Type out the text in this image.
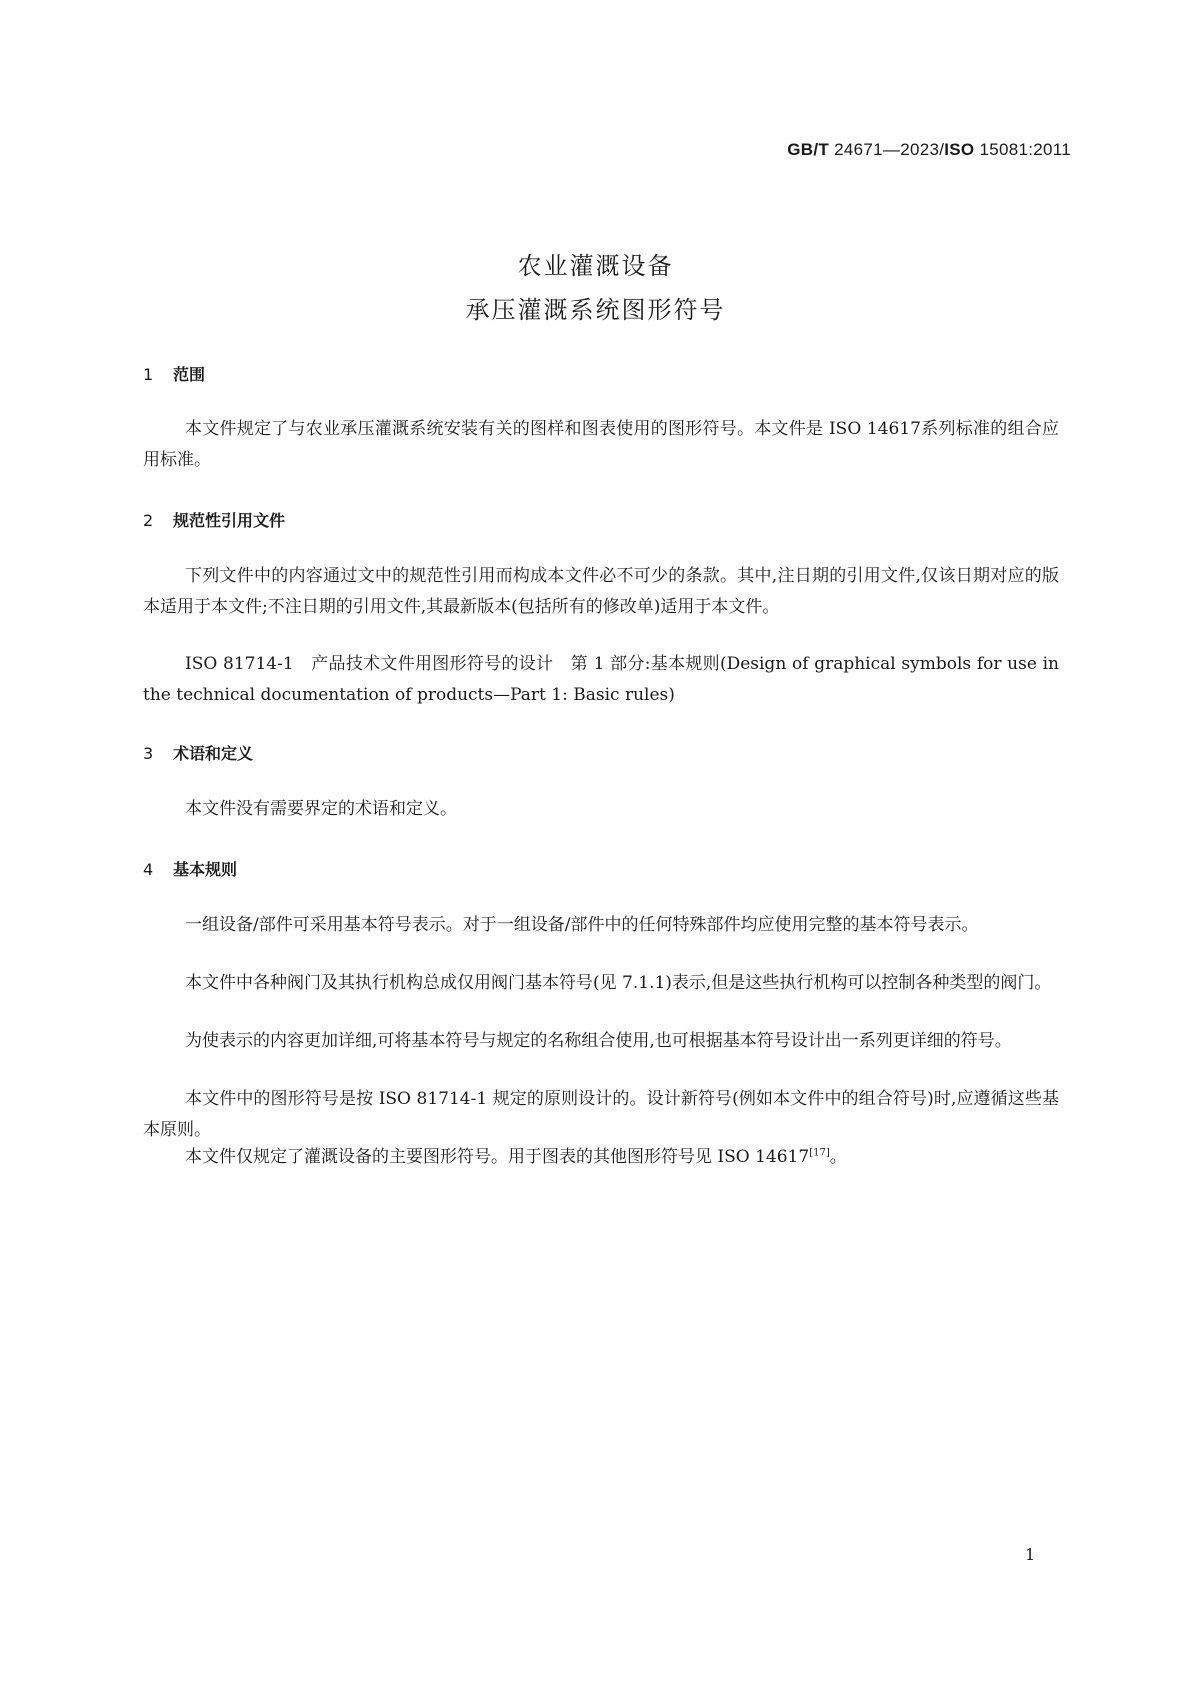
GB/T 24671—2023/ISO 15081:2011
农业灌溉设备
承压灌溉系统图形符号
1 范围

本文件规定了与农业承压灌溉系统安装有关的图样和图表使用的图形符号。本文件是 ISO 14617系列标准的组合应用标准。

2 规范性引用文件

下列文件中的内容通过文中的规范性引用而构成本文件必不可少的条款。其中,注日期的引用文件,仅该日期对应的版本适用于本文件;不注日期的引用文件,其最新版本(包括所有的修改单)适用于本文件。

ISO 81714-1　产品技术文件用图形符号的设计　第 1 部分:基本规则(Design of graphical symbols for use in the technical documentation of products—Part 1: Basic rules)

3 术语和定义

本文件没有需要界定的术语和定义。

4 基本规则

一组设备/部件可采用基本符号表示。对于一组设备/部件中的任何特殊部件均应使用完整的基本符号表示。

本文件中各种阀门及其执行机构总成仅用阀门基本符号(见 7.1.1)表示,但是这些执行机构可以控制各种类型的阀门。

为使表示的内容更加详细,可将基本符号与规定的名称组合使用,也可根据基本符号设计出一系列更详细的符号。

本文件中的图形符号是按 ISO 81714-1 规定的原则设计的。设计新符号(例如本文件中的组合符号)时,应遵循这些基本原则。

本文件仅规定了灌溉设备的主要图形符号。用于图表的其他图形符号见 ISO 14617[17]。

1
